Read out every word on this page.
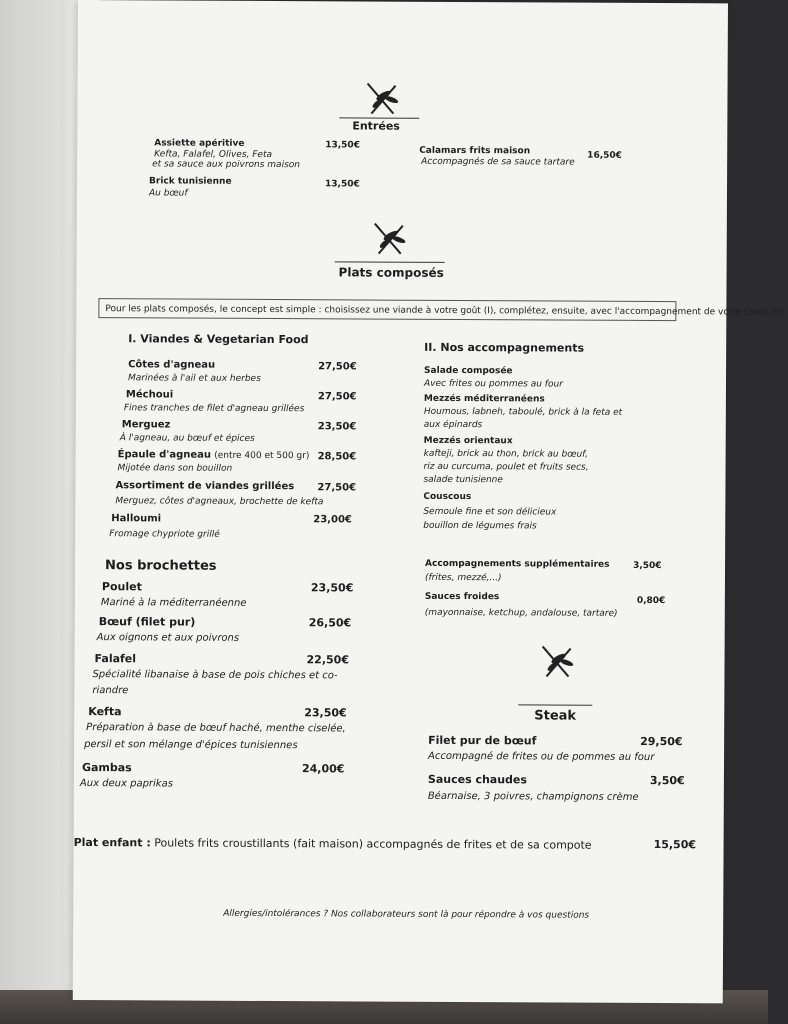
Entrées
Assiette apéritive
Kefta, Falafel, Olives, Feta
et sa sauce aux poivrons maison
13,50€
Brick tunisienne
Au bœuf
13,50€
Calamars frits maison
Accompagnés de sa sauce tartare
16,50€
Plats composés
Pour les plats composés, le concept est simple : choisissez une viande à votre goût (I), complétez, ensuite, avec l'accompagnement de votre choix (II).
I. Viandes & Vegetarian Food
Côtes d'agneau
Marinées à l'ail et aux herbes
27,50€
Méchoui
Fines tranches de filet d'agneau grillées
27,50€
Merguez
À l'agneau, au bœuf et épices
23,50€
Épaule d'agneau (entre 400 et 500 gr)
Mijotée dans son bouillon
28,50€
Assortiment de viandes grillées
Merguez, côtes d'agneaux, brochette de kefta
27,50€
Halloumi
Fromage chypriote grillé
23,00€
Nos brochettes
Poulet
Mariné à la méditerranéenne
23,50€
Bœuf (filet pur)
Aux oignons et aux poivrons
26,50€
Falafel
Spécialité libanaise à base de pois chiches et co-
riandre
22,50€
Kefta
Préparation à base de bœuf haché, menthe ciselée,
persil et son mélange d'épices tunisiennes
23,50€
Gambas
Aux deux paprikas
24,00€
II. Nos accompagnements
Salade composée
Avec frites ou pommes au four
Mezzés méditerranéens
Houmous, labneh, taboulé, brick à la feta et
aux épinards
Mezzés orientaux
kafteji, brick au thon, brick au bœuf,
riz au curcuma, poulet et fruits secs,
salade tunisienne
Couscous
Semoule fine et son délicieux
bouillon de légumes frais
Accompagnements supplémentaires
(frites, mezzé,...)
3,50€
Sauces froides
(mayonnaise, ketchup, andalouse, tartare)
0,80€
Steak
Filet pur de bœuf
Accompagné de frites ou de pommes au four
29,50€
Sauces chaudes
Béarnaise, 3 poivres, champignons crème
3,50€
Plat enfant : Poulets frits croustillants (fait maison) accompagnés de frites et de sa compote	15,50€
Allergies/intolérances ? Nos collaborateurs sont là pour répondre à vos questions
